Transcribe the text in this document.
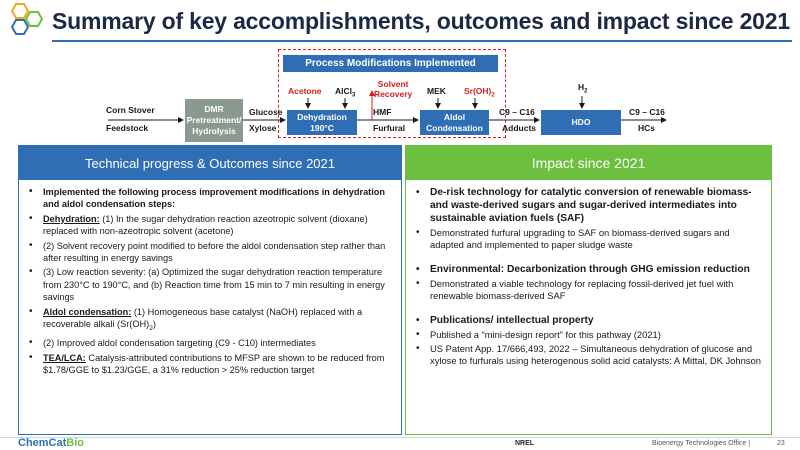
Summary of key accomplishments, outcomes and impact since 2021
Process Modifications Implemented
Corn Stover
Feedstock
DMR
Pretreatment/
Hydrolysis
Glucose
Xylose
Acetone AlCl$_3$
Solvent
Recovery
Dehydration
190°C
HMF
Furfural
MEK $Sr(OH)_2$
Aldol
Condensation
C9 – C16
Adducts
$H_2$
HDO
C9 – C16
HCs
Technical progress & Outcomes since 2021
• Implemented the following process improvement modifications in dehydration and aldol condensation steps:
• Dehydration: (1) In the sugar dehydration reaction azeotropic solvent (dioxane) replaced with non-azeotropic solvent (acetone)
• (2) Solvent recovery point modified to before the aldol condensation step rather than after resulting in energy savings
• (3) Low reaction severity: (a) Optimized the sugar dehydration reaction temperature from 230°C to 190°C, and (b) Reaction time from 15 min to 7 min resulting in energy savings
• Aldol condensation: (1) Homogeneous base catalyst (NaOH) replaced with a recoverable alkali $(Sr(OH)_2)$
• (2) Improved aldol condensation targeting (C9 - C10) intermediates
• TEA/LCA: Catalysis-attributed contributions to MFSP are shown to be reduced from $1.78/GGE to $1.23/GGE, a 31% reduction > 25% reduction target
Impact since 2021
• De-risk technology for catalytic conversion of renewable biomass- and waste-derived sugars and sugar-derived intermediates into sustainable aviation fuels (SAF)
• Demonstrated furfural upgrading to SAF on biomass-derived sugars and adapted and implemented to paper sludge waste
• Environmental: Decarbonization through GHG emission reduction
• Demonstrated a viable technology for replacing fossil-derived jet fuel with renewable biomass-derived SAF
• Publications/ intellectual property
• Published a “mini-design report” for this pathway (2021)
• US Patent App. 17/666,493, 2022 – Simultaneous dehydration of glucose and xylose to furfurals using heterogenous solid acid catalysts: A Mittal, DK Johnson
ChemCatBio	NREL	Bioenergy Technologies Office |	23
